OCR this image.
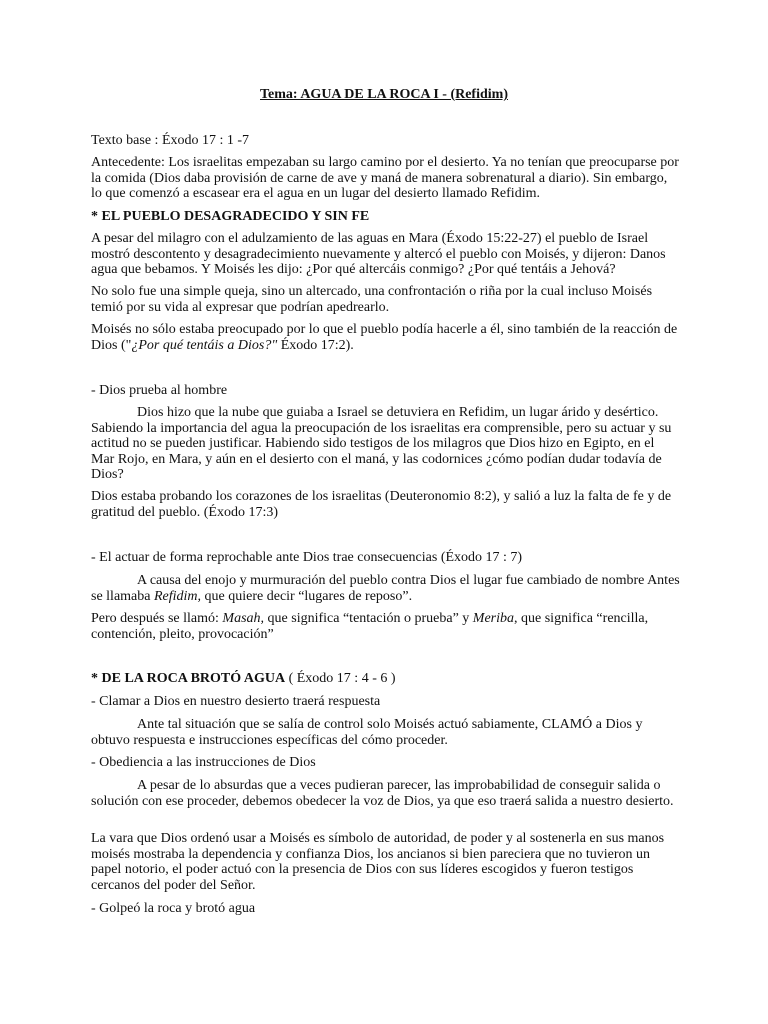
Tema: AGUA DE LA ROCA I - (Refidim)

Texto base : Éxodo 17 : 1 -7

Antecedente: Los israelitas empezaban su largo camino por el desierto. Ya no tenían que preocuparse por la comida (Dios daba provisión de carne de ave y maná de manera sobrenatural a diario). Sin embargo, lo que comenzó a escasear era el agua en un lugar del desierto llamado Refidim.

* EL PUEBLO DESAGRADECIDO Y SIN FE

A pesar del milagro con el adulzamiento de las aguas en Mara (Éxodo 15:22-27) el pueblo de Israel mostró descontento y desagradecimiento nuevamente y altercó el pueblo con Moisés, y dijeron: Danos agua que bebamos. Y Moisés les dijo: ¿Por qué altercáis conmigo? ¿Por qué tentáis a Jehová?

No solo fue una simple queja, sino un altercado, una confrontación o riña por la cual incluso Moisés temió por su vida al expresar que podrían apedrearlo.

Moisés no sólo estaba preocupado por lo que el pueblo podía hacerle a él, sino también de la reacción de Dios ("¿Por qué tentáis a Dios?" Éxodo 17:2).

- Dios prueba al hombre

Dios hizo que la nube que guiaba a Israel se detuviera en Refidim, un lugar árido y desértico. Sabiendo la importancia del agua la preocupación de los israelitas era comprensible, pero su actuar y su actitud no se pueden justificar. Habiendo sido testigos de los milagros que Dios hizo en Egipto, en el Mar Rojo, en Mara, y aún en el desierto con el maná, y las codornices ¿cómo podían dudar todavía de Dios?

Dios estaba probando los corazones de los israelitas (Deuteronomio 8:2), y salió a luz la falta de fe y de gratitud del pueblo. (Éxodo 17:3)

- El actuar de forma reprochable ante Dios trae consecuencias (Éxodo 17 : 7)

A causa del enojo y murmuración del pueblo contra Dios el lugar fue cambiado de nombre Antes se llamaba Refidim, que quiere decir “lugares de reposo”.

Pero después se llamó: Masah, que significa “tentación o prueba” y Meriba, que significa “rencilla, contención, pleito, provocación”

* DE LA ROCA BROTÓ AGUA ( Éxodo 17 : 4 - 6 )

- Clamar a Dios en nuestro desierto traerá respuesta

Ante tal situación que se salía de control solo Moisés actuó sabiamente, CLAMÓ a Dios y obtuvo respuesta e instrucciones específicas del cómo proceder.

- Obediencia a las instrucciones de Dios

A pesar de lo absurdas que a veces pudieran parecer, las improbabilidad de conseguir salida o solución con ese proceder, debemos obedecer la voz de Dios, ya que eso traerá salida a nuestro desierto.

La vara que Dios ordenó usar a Moisés es símbolo de autoridad, de poder y al sostenerla en sus manos moisés mostraba la dependencia y confianza Dios, los ancianos si bien pareciera que no tuvieron un papel notorio, el poder actuó con la presencia de Dios con sus líderes escogidos y fueron testigos cercanos del poder del Señor.

- Golpeó la roca y brotó agua
